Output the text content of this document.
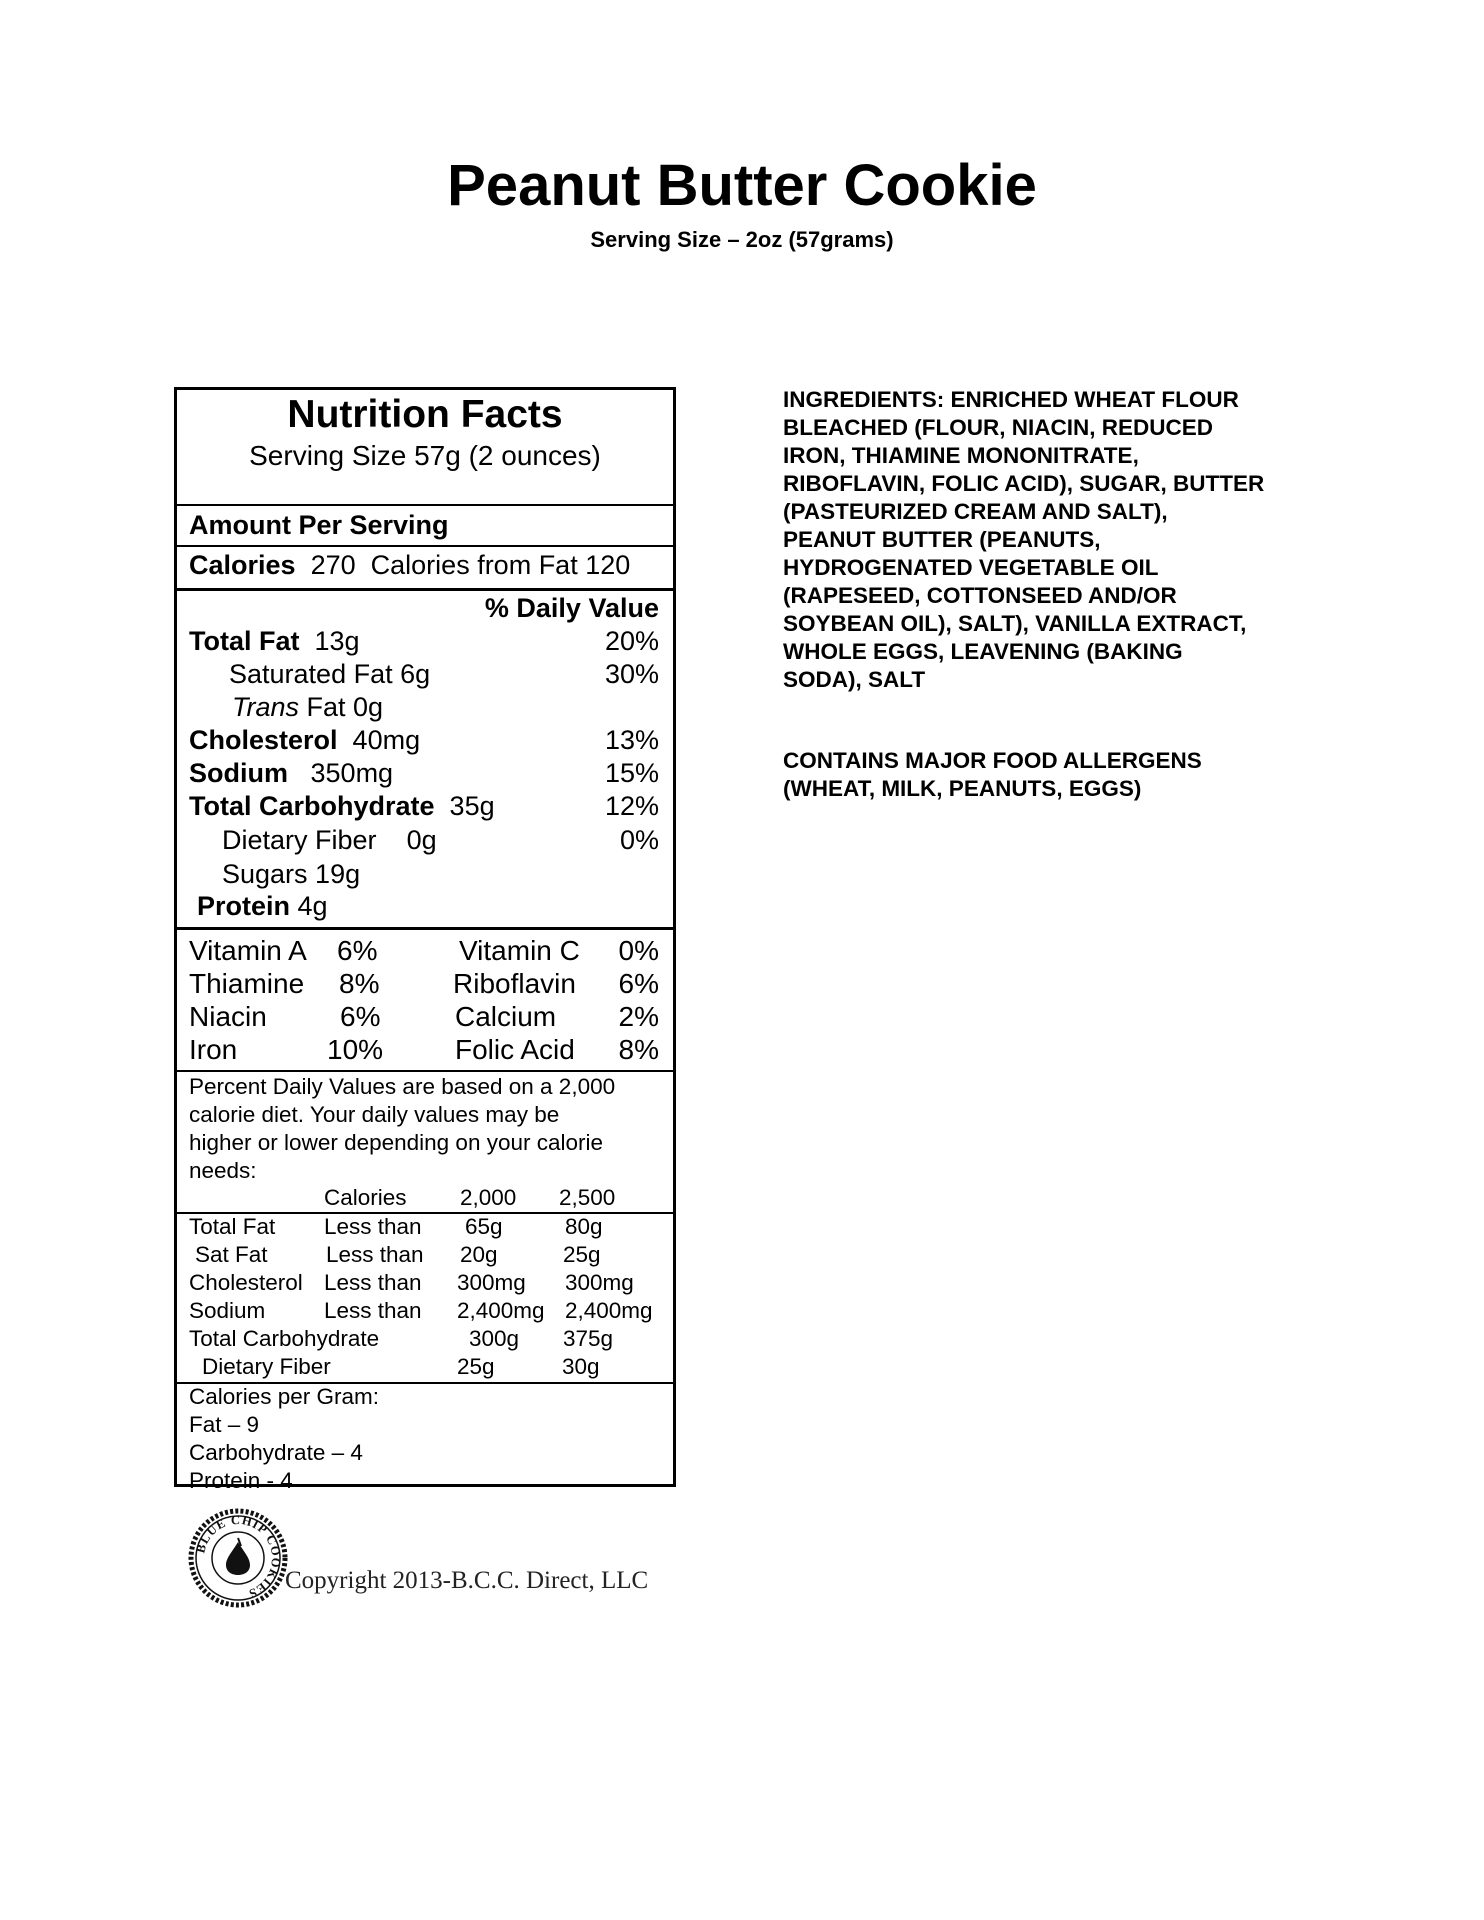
Peanut Butter Cookie
Serving Size – 2oz (57grams)
Nutrition Facts
Serving Size 57g (2 ounces)
Amount Per Serving
Calories 270 Calories from Fat 120
% Daily Value
Total Fat 13g	20%
Saturated Fat 6g	30%
Trans Fat 0g
Cholesterol 40mg	13%
Sodium 350mg	15%
Total Carbohydrate 35g	12%
Dietary Fiber 0g	0%
Sugars 19g
Protein 4g
Vitamin A 6%	Vitamin C 0%
Thiamine 8%	Riboflavin 6%
Niacin	6%	Calcium 2%
Iron	10%	Folic Acid 8%
Percent Daily Values are based on a 2,000
calorie diet. Your daily values may be
higher or lower depending on your calorie
needs:
Calories 2,000 2,500
Total Fat Less than 65g	80g
Sat Fat	Less than 20g	25g
Cholesterol Less than 300mg 300mg
Sodium	Less than 2,400mg 2,400mg
Total Carbohydrate	300g 375g
Dietary Fiber	25g	30g
Calories per Gram:
Fat – 9
Carbohydrate – 4
Protein - 4
INGREDIENTS: ENRICHED WHEAT FLOUR
BLEACHED (FLOUR, NIACIN, REDUCED
IRON, THIAMINE MONONITRATE,
RIBOFLAVIN, FOLIC ACID), SUGAR, BUTTER
(PASTEURIZED CREAM AND SALT),
PEANUT BUTTER (PEANUTS,
HYDROGENATED VEGETABLE OIL
(RAPESEED, COTTONSEED AND/OR
SOYBEAN OIL), SALT), VANILLA EXTRACT,
WHOLE EGGS, LEAVENING (BAKING
SODA), SALT
CONTAINS MAJOR FOOD ALLERGENS
(WHEAT, MILK, PEANUTS, EGGS)
BLUE CHIP COOKIES	Copyright 2013-B.C.C. Direct, LLC
